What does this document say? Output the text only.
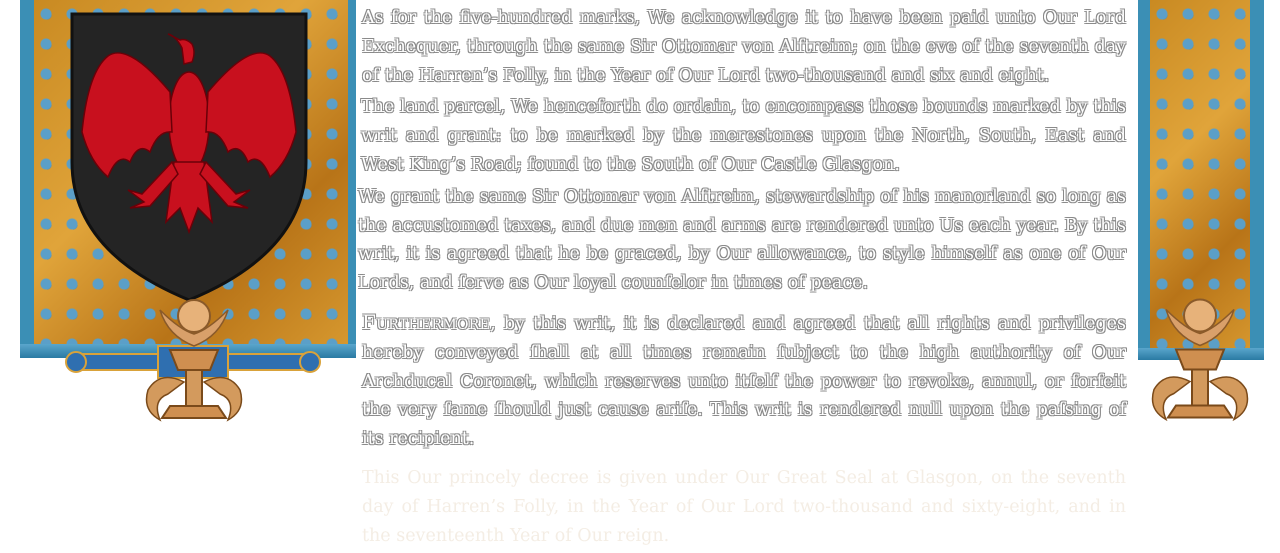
As for the five-hundred marks, We acknowledge it to have been paid unto Our Lord Exchequer, through the same Sir Ottomar von Alftreim; on the eve of the seventh day of the Harren’s Folly, in the Year of Our Lord two-thousand and six and eight.

The land parcel, We henceforth do ordain, to encompass those bounds marked by this writ and grant: to be marked by the merestones upon the North, South, East and West King’s Road; found to the South of Our Castle Glasgon.

We grant the same Sir Ottomar von Alftreim, stewardship of his manorland so long as the accustomed taxes, and due men and arms are rendered unto Us each year. By this writ, it is agreed that he be graced, by Our allowance, to style himself as one of Our Lords, and ſerve as Our loyal counſelor in times of peace.

Furthermore, by this writ, it is declared and agreed that all rights and privileges hereby conveyed ſhall at all times remain ſubject to the high authority of Our Archducal Coronet, which reserves unto itſelf the power to revoke, annul, or forfeit the very ſame ſhould just cause ariſe. This writ is rendered null upon the paſsing of its recipient.

This Our princely decree is given under Our Great Seal at Glasgon, on the seventh day of Harren’s Folly, in the Year of Our Lord two-thousand and sixty-eight, and in the seventeenth Year of Our reign.
